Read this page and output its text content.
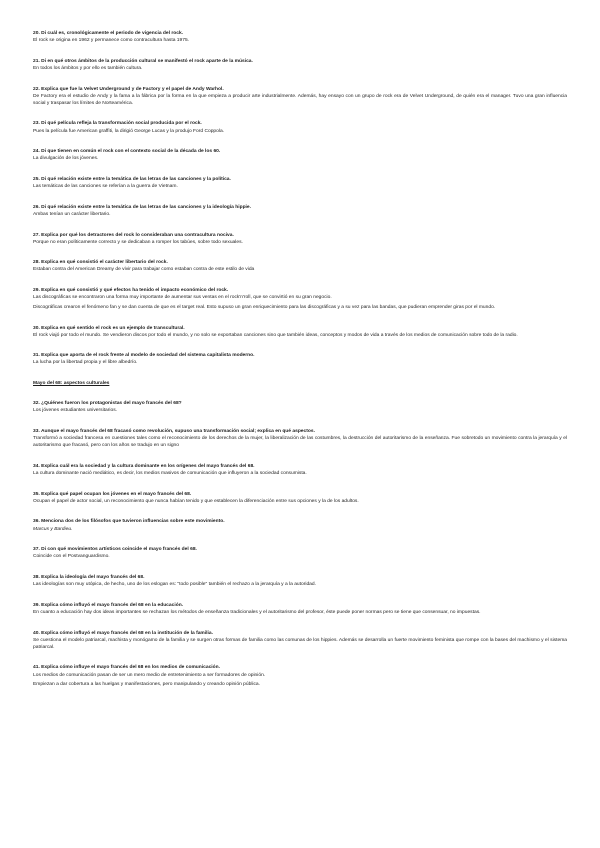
20. Di cuál es, cronológicamente el periodo de vigencia del rock.

El rock se origina en 1962 y permanece como contracultura hasta 1975.

21. Di en qué otros ámbitos de la producción cultural se manifestó el rock aparte de la música.

En todos los ámbitos y por ello es también cultura.

22. Explica que fue la Velvet Underground y de Factory y el papel de Andy Warhol.

De Factory era el estudio de Andy y la fama a la fábrica por la forma en la que empieza a producir arte industrialmente. Además, hay ensayo con un grupo de rock era de Velvet Underground, de quién era el manager. Tuvo una gran influencia social y traspasar los límites de Norteamérica.

23. Di qué película refleja la transformación social producida por el rock.

Pues la película fue American graffiti, la dirigió George Lucas y la produjo Ford Coppola.

24. Di que tienen en común el rock con el contexto social de la década de los 60.

La divulgación de los jóvenes.

25. Di qué relación existe entre la temática de las letras de las canciones y la política.

Las temáticas de las canciones se referían a la guerra de Vietnam.

26. Di qué relación existe entre la temática de las letras de las canciones y la ideología hippie.

Ambas tenían un carácter libertario.

27. Explica por qué los detractores del rock lo consideraban una contracultura nociva.

Porque no eran políticamente correcto y se dedicaban a romper los tabúes, sobre todo sexuales.

28. Explica en qué consistió el carácter libertario del rock.

Estaban contra del American Dreamy de vivir para trabajar como estaban contra de este estilo de vida

29. Explica en qué consistió y qué efectos ha tenido el impacto económico del rock.

Las discográficas se encontraron una forma muy importante de aumentar sus ventas en el rock'n'roll, que se convirtió en su gran negocio.

Discográficas crearon el fenómeno fan y se dan cuenta de que es el target real. Esto supuso un gran enriquecimiento para las discográficas y a su vez para las bandas, que pudieran emprender giras por el mundo.

30. Explica en qué sentido el rock es un ejemplo de transcultural.

El rock viajó por todo el mundo. Se vendieron discos por todo el mundo, y no solo se exportaban canciones sino que también ideas, conceptos y modos de vida a través de los medios de comunicación sobre todo de la radio.

31. Explica que aporta de el rock frente al modelo de sociedad del sistema capitalista moderno.

La lucha por la libertad propia y el libre albedrío.

Mayo del 68: aspectos culturales

32. ¿Quiénes fueron los protagonistas del mayo francés del 68?

Los jóvenes estudiantes universitarios.

33. Aunque el mayo francés del 68 fracasó como revolución, supuso una transformación social; explica en qué aspectos.

Transformó a sociedad francesa en cuestiones tales como el reconocimiento de los derechos de la mujer, la liberalización de las costumbres, la destrucción del autoritarismo de la enseñanza. Fue sobretodo un movimiento contra la jerarquía y el autoritarismo que fracasó, pero con los años se tradujo en un signo

34. Explica cuál era la sociedad y la cultura dominante en los orígenes del mayo francés del 68.

La cultura dominante nació mediático, es decir, los medios masivos de comunicación que influyeron a la sociedad consumista.

35. Explica qué papel ocupan los jóvenes en el mayo francés del 68.

Ocupan el papel de actor social, un reconocimiento que nunca habían tenido y que establecen la diferenciación entre sus opciones y la de los adultos.

36. Menciona dos de los filósofos que tuvieron influencias sobre este movimiento.

Marcus y Bardieu.

37. Di con qué movimientos artísticos coincide el mayo francés del 68.

Coincide con el Postvanguardismo.

38. Explica la ideología del mayo francés del 68.

Las ideologías son muy utópica, de hecho, uno de los eslogan es: "todo posible" también el rechazo a la jerarquía y a la autoridad.

39. Explica cómo influyó el mayo francés del 68 en la educación.

En cuanto a educación hay dos ideas importantes se rechazan los métodos de enseñanza tradicionales y el autoritarismo del profesor, éste puede poner normas pero se tiene que consensuar, no impuestas.

40. Explica cómo influyó el mayo francés del 68 en la institución de la familia.

Se cuestiona el modelo patriarcal, machista y monógamo de la familia y se surgen otras formas de familia como las comunas de los hippies. Además se desarrolla un fuerte movimiento feminista que rompe con la bases del machismo y el sistema patriarcal.

41. Explica cómo influye el mayo francés del 68 en los medios de comunicación.

Los medios de comunicación pasan de ser un mero medio de entretenimiento a ser formadores de opinión.

Empiezan a dar cobertura a las huelgas y manifestaciones, pero manipulando y creando opinión pública.
